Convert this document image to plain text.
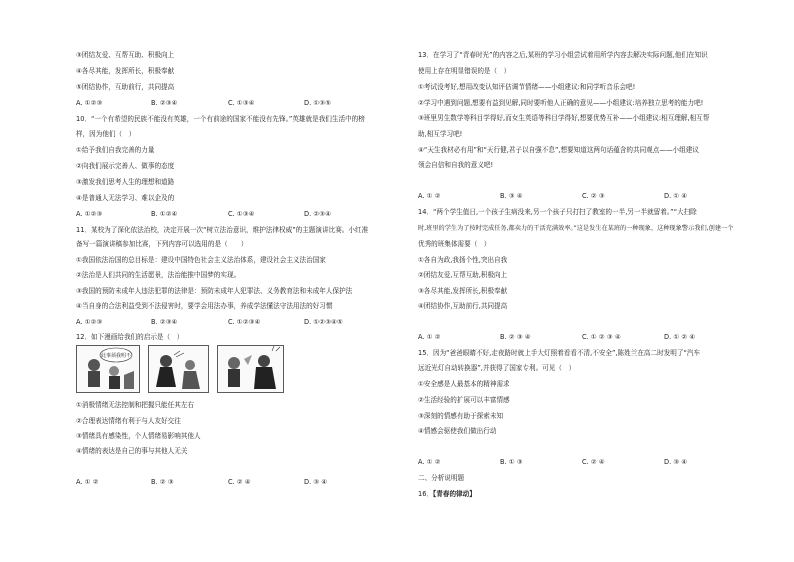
③团结友爱、互帮互助、积极向上
④各尽其能，发挥所长，积极奉献
⑤团结协作，互助前行，共同提高
A. ①②③	B. ②③④	C. ①③④	D. ①③⑤
10．“一个有希望的民族不能没有英雄，一个有前途的国家不能没有先锋。”英雄就是我们生活中的榜
样，因为他们（　）
①给予我们自我完善的力量
②向我们展示完善人、做事的态度
③激发我们思考人生的理想和道路
④是普通人无法学习、难以企及的
A. ①②③	B. ①②④	C. ①③④	D. ②③④
11．某校为了深化依法治校，决定开展一次“树立法治意识，维护法律权威”的主题演讲比赛。小红准
备写一篇演讲稿参加比赛，下列内容可以选用的是（　　）
①我国依法治国的总目标是：建设中国特色社会主义法治体系，建设社会主义法治国家
②法治是人们共同的生活愿景，法治能推中国梦的实现。
③我国的预防未成年人违法犯罪的法律是：预防未成年人犯罪法、义务教育法和未成年人保护法
④当自身的合法利益受到不法侵害时，要学会用法办事，养成学法懂法守法用法的好习惯
A. ①②③	B. ②③④	C. ①②③④	D. ①②③④⑤
12．如下漫画给我们的启示是（　）
此事须我明不
①消极情绪无法控制和把握只能任其左右
②合理表达情绪有利于与人友好交往
③情绪具有感染性，个人情绪易影响其他人
④情绪的表达是自己的事与其他人无关
A. ① ②	B. ② ③	C. ② ④	D. ③ ④
13．在学习了“青春时光”的内容之后,某班的学习小组尝试着用所学内容去解决实际问题,他们在知识
使用上存在明显错误的是（　）
①考试没考好,想用改变认知评估调节情绪——小组建议:和同学听音乐会吧!
②学习中遇到问题,想要有益到见解,同时要听他人正确的意见——小组建议:培养独立思考的能力吧!
③班里男生数学等科目学得好,而女生英语等科目学得好,想要优势互补——小组建议:相互理解,相互帮
助,相互学习吧!
④“天生我材必有用”和“天行健,君子以自强不息”,想要知道这两句话蕴含的共同观点——小组建议
领会自信和自我的意义吧!
A. ① ②	B. ③ ④	C. ② ③	D. ① ④
14．“两个学生值日,一个孩子生病没来,另一个孩子只打扫了教室的一半,另一半就留着。”“大扫除
时,班里的学生为了按时完成任务,都卖力的干活充满效率。”这是发生在某班的一种现象，这种现象警示我们,创建一个
优秀的班集体需要（　）
①各自为政,我扬个性,突出自我
②团结友爱,互帮互助,积极向上
③各尽其能,发挥所长,积极奉献
④团结协作,互助前行,共同提高
A. ① ②	B. ② ③ ④	C. ① ② ③ ④	D. ① ② ④
15．因为“爸爸眼睛不好,走夜路时就上手大灯照着看看不清,不安全”,陈姓兰在高二时发明了“汽车
远近光灯自动转换器”,并获得了国家专利。可见（　）
①安全感是人最基本的精神需求
②生活经验的扩展可以丰富情感
③深刻的情感有助于探索未知
④情感会驱使我们做出行动
A. ① ②	B. ① ③	C. ② ④	D. ③ ④
二、分析说明题
16．【青春的律动】
